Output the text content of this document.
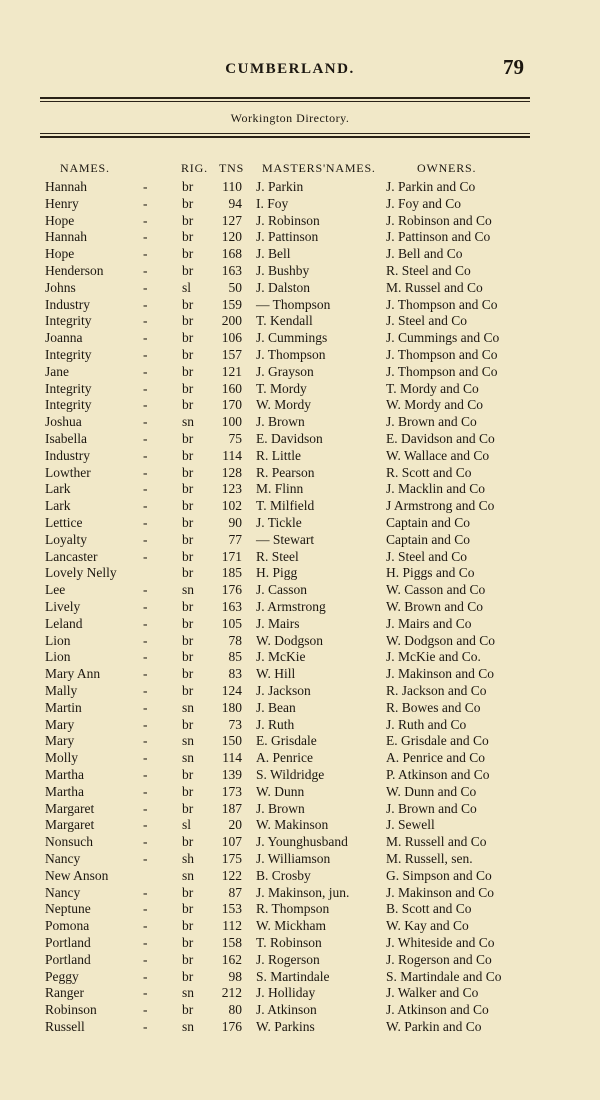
CUMBERLAND.	79
Workington Directory.
NAMES.	RIG. TNS MASTERS'NAMES.	OWNERS.
Hannah	-	br 110 J. Parkin	J. Parkin and Co
Henry	-	br	94 I. Foy	J. Foy and Co
Hope	-	br 127 J. Robinson	J. Robinson and Co
Hannah	-	br 120 J. Pattinson	J. Pattinson and Co
Hope	-	br 168 J. Bell	J. Bell and Co
Henderson	-	br 163 J. Bushby	R. Steel and Co
Johns	-	sl	50 J. Dalston	M. Russel and Co
Industry	-	br 159 — Thompson	J. Thompson and Co
Integrity	-	br 200 T. Kendall	J. Steel and Co
Joanna	-	br 106 J. Cummings	J. Cummings and Co
Integrity	-	br 157 J. Thompson	J. Thompson and Co
Jane	-	br 121 J. Grayson	J. Thompson and Co
Integrity	-	br 160 T. Mordy	T. Mordy and Co
Integrity	-	br 170 W. Mordy	W. Mordy and Co
Joshua	-	sn 100 J. Brown	J. Brown and Co
Isabella	-	br	75 E. Davidson	E. Davidson and Co
Industry	-	br 114 R. Little	W. Wallace and Co
Lowther	-	br 128 R. Pearson	R. Scott and Co
Lark	-	br 123 M. Flinn	J. Macklin and Co
Lark	-	br 102 T. Milfield	J Armstrong and Co
Lettice	-	br	90 J. Tickle	Captain and Co
Loyalty	-	br	77 — Stewart	Captain and Co
Lancaster	-	br 171 R. Steel	J. Steel and Co
Lovely Nelly	br 185 H. Pigg	H. Piggs and Co
Lee	-	sn 176 J. Casson	W. Casson and Co
Lively	-	br 163 J. Armstrong	W. Brown and Co
Leland	-	br 105 J. Mairs	J. Mairs and Co
Lion	-	br	78 W. Dodgson	W. Dodgson and Co
Lion	-	br	85 J. McKie	J. McKie and Co.
Mary Ann	-	br	83 W. Hill	J. Makinson and Co
Mally	-	br 124 J. Jackson	R. Jackson and Co
Martin	-	sn 180 J. Bean	R. Bowes and Co
Mary	-	br	73 J. Ruth	J. Ruth and Co
Mary	-	sn 150 E. Grisdale	E. Grisdale and Co
Molly	-	sn 114 A. Penrice	A. Penrice and Co
Martha	-	br 139 S. Wildridge	P. Atkinson and Co
Martha	-	br 173 W. Dunn	W. Dunn and Co
Margaret	-	br 187 J. Brown	J. Brown and Co
Margaret	-	sl	20 W. Makinson	J. Sewell
Nonsuch	-	br 107 J. Younghusband	M. Russell and Co
Nancy	-	sh 175 J. Williamson	M. Russell, sen.
New Anson	sn 122 B. Crosby	G. Simpson and Co
Nancy	-	br	87 J. Makinson, jun.	J. Makinson and Co
Neptune	-	br 153 R. Thompson	B. Scott and Co
Pomona	-	br 112 W. Mickham	W. Kay and Co
Portland	-	br 158 T. Robinson	J. Whiteside and Co
Portland	-	br 162 J. Rogerson	J. Rogerson and Co
Peggy	-	br	98 S. Martindale	S. Martindale and Co
Ranger	-	sn 212 J. Holliday	J. Walker and Co
Robinson	-	br	80 J. Atkinson	J. Atkinson and Co
Russell	-	sn 176 W. Parkins	W. Parkin and Co
